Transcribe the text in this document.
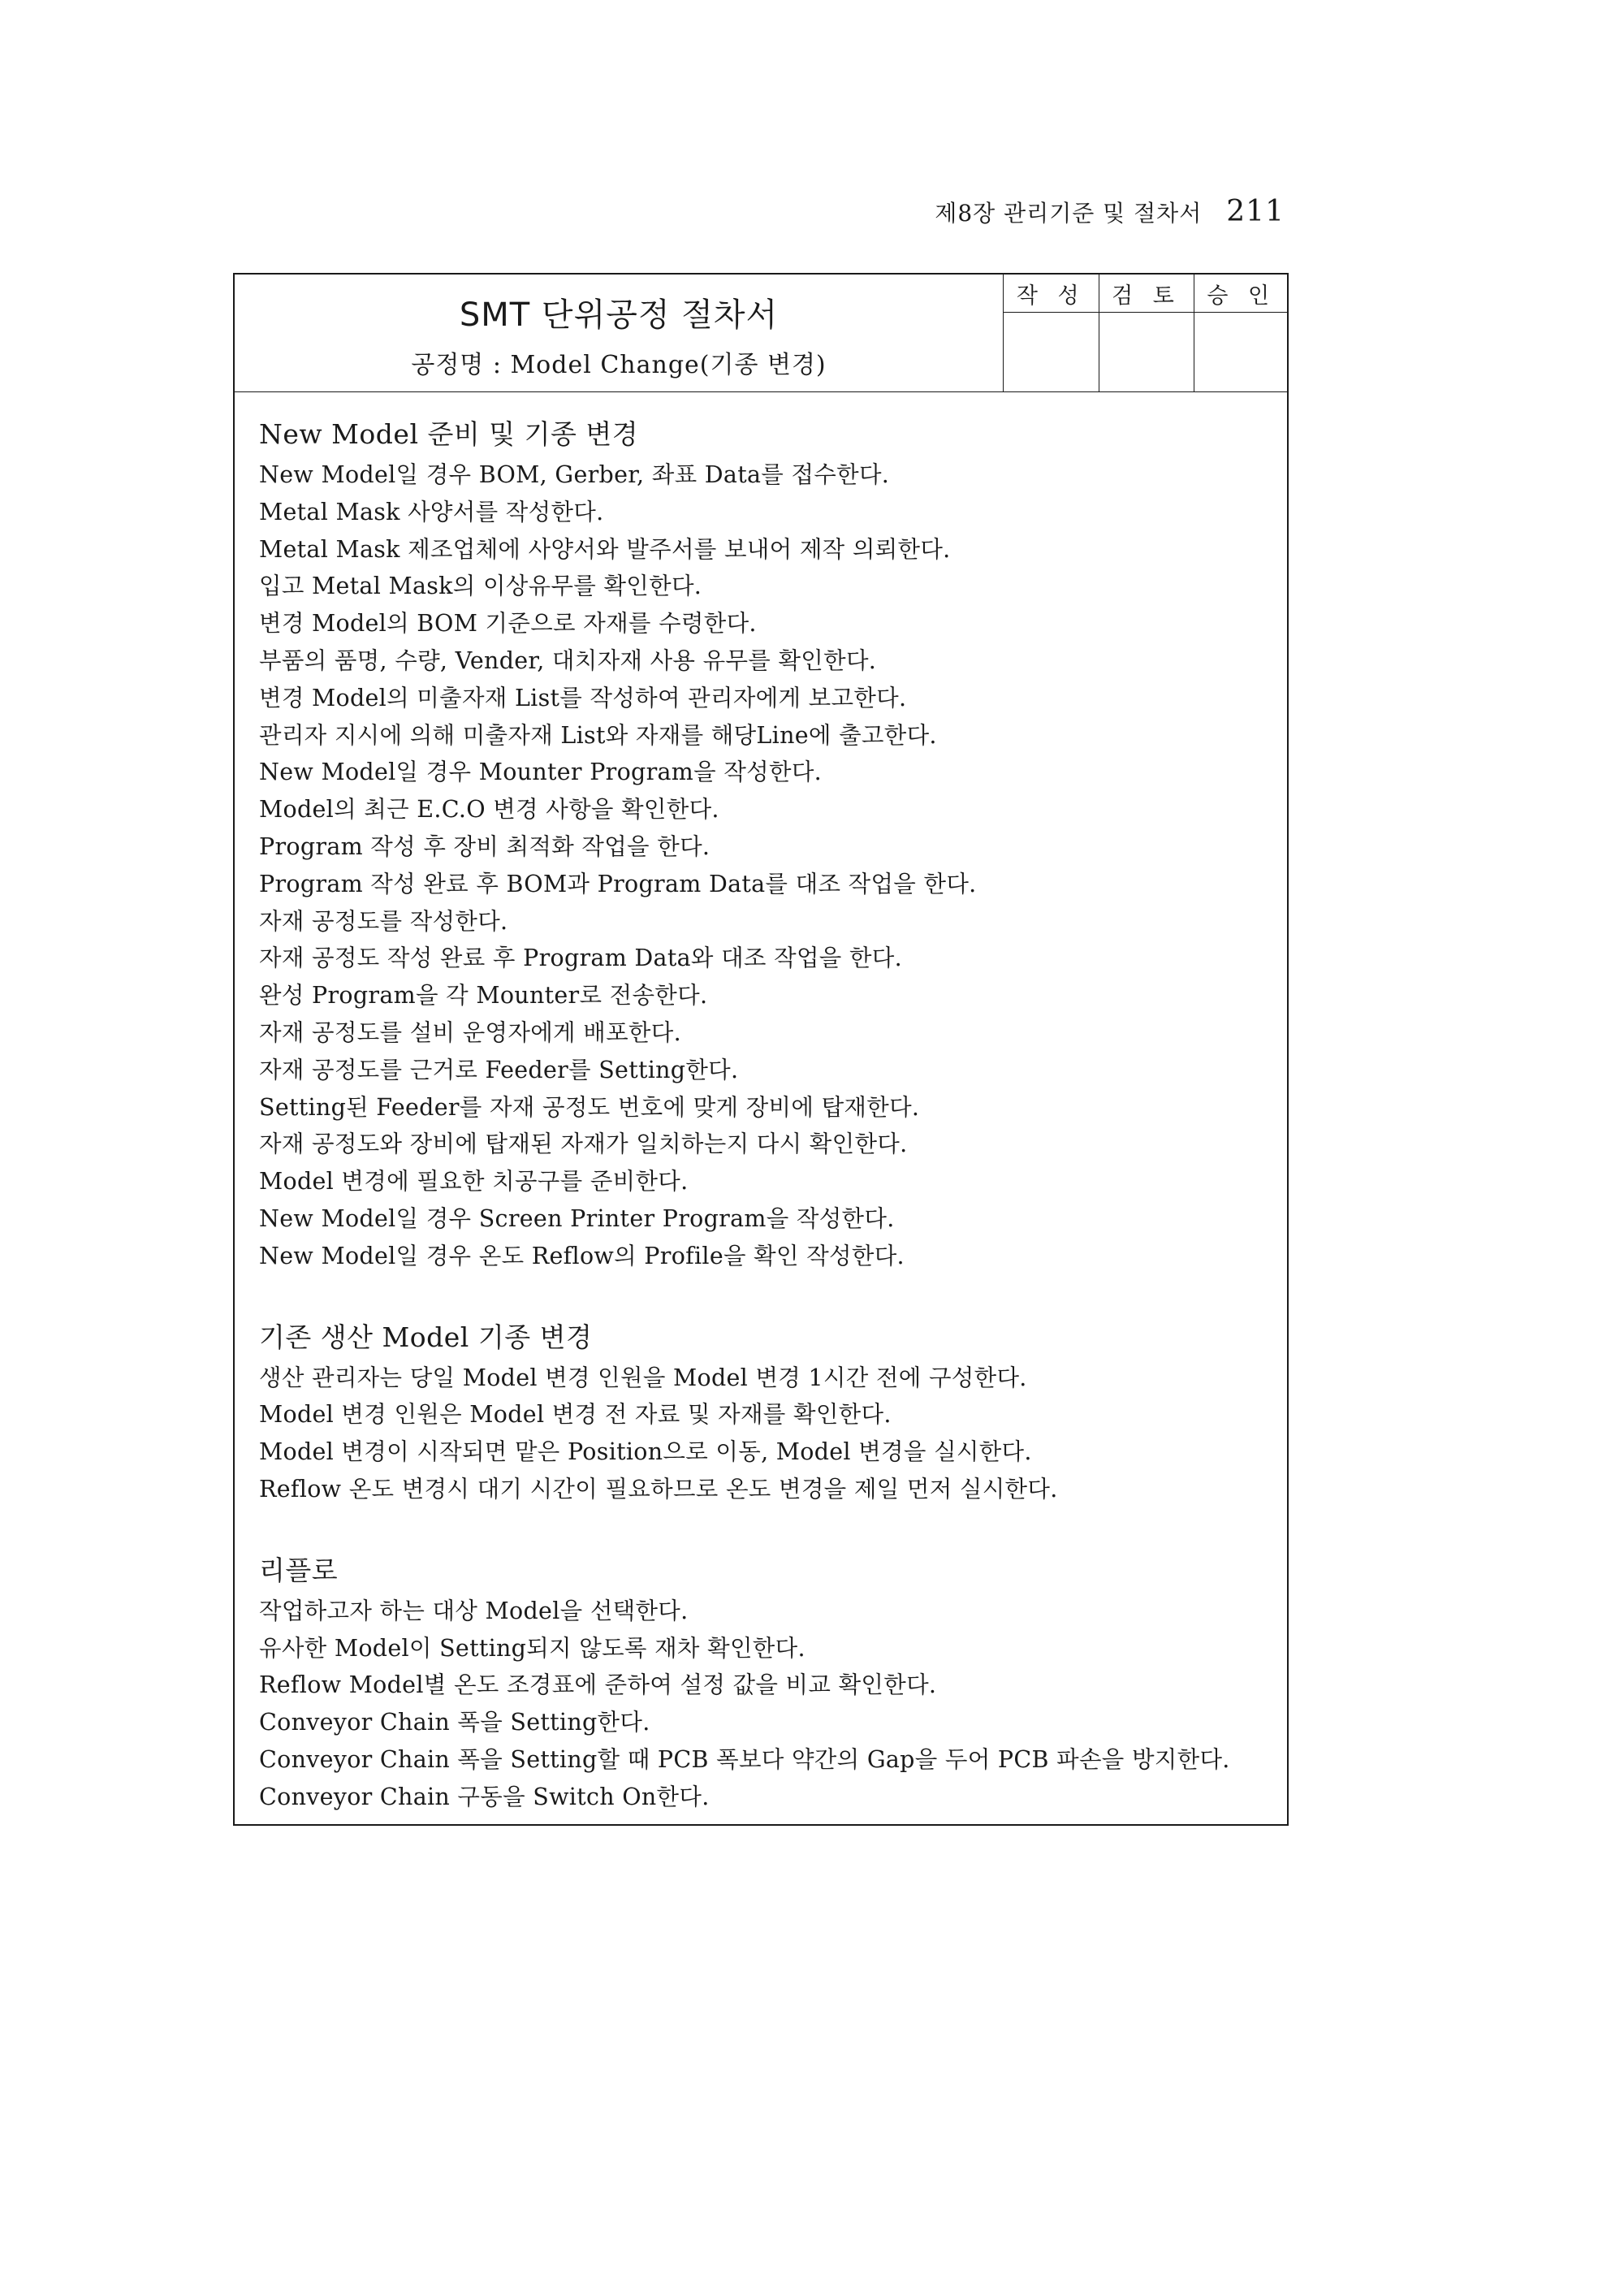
제8장 관리기준 및 절차서 211
SMT 단위공정 절차서
공정명 : Model Change(기종 변경)
작 성	검 토	승 인

New Model 준비 및 기종 변경
New Model일 경우 BOM, Gerber, 좌표 Data를 접수한다.
Metal Mask 사양서를 작성한다.
Metal Mask 제조업체에 사양서와 발주서를 보내어 제작 의뢰한다.
입고 Metal Mask의 이상유무를 확인한다.
변경 Model의 BOM 기준으로 자재를 수령한다.
부품의 품명, 수량, Vender, 대치자재 사용 유무를 확인한다.
변경 Model의 미출자재 List를 작성하여 관리자에게 보고한다.
관리자 지시에 의해 미출자재 List와 자재를 해당Line에 출고한다.
New Model일 경우 Mounter Program을 작성한다.
Model의 최근 E.C.O 변경 사항을 확인한다.
Program 작성 후 장비 최적화 작업을 한다.
Program 작성 완료 후 BOM과 Program Data를 대조 작업을 한다.
자재 공정도를 작성한다.
자재 공정도 작성 완료 후 Program Data와 대조 작업을 한다.
완성 Program을 각 Mounter로 전송한다.
자재 공정도를 설비 운영자에게 배포한다.
자재 공정도를 근거로 Feeder를 Setting한다.
Setting된 Feeder를 자재 공정도 번호에 맞게 장비에 탑재한다.
자재 공정도와 장비에 탑재된 자재가 일치하는지 다시 확인한다.
Model 변경에 필요한 치공구를 준비한다.
New Model일 경우 Screen Printer Program을 작성한다.
New Model일 경우 온도 Reflow의 Profile을 확인 작성한다.
기존 생산 Model 기종 변경
생산 관리자는 당일 Model 변경 인원을 Model 변경 1시간 전에 구성한다.
Model 변경 인원은 Model 변경 전 자료 및 자재를 확인한다.
Model 변경이 시작되면 맡은 Position으로 이동, Model 변경을 실시한다.
Reflow 온도 변경시 대기 시간이 필요하므로 온도 변경을 제일 먼저 실시한다.
리플로
작업하고자 하는 대상 Model을 선택한다.
유사한 Model이 Setting되지 않도록 재차 확인한다.
Reflow Model별 온도 조경표에 준하여 설정 값을 비교 확인한다.
Conveyor Chain 폭을 Setting한다.
Conveyor Chain 폭을 Setting할 때 PCB 폭보다 약간의 Gap을 두어 PCB 파손을 방지한다.
Conveyor Chain 구동을 Switch On한다.
